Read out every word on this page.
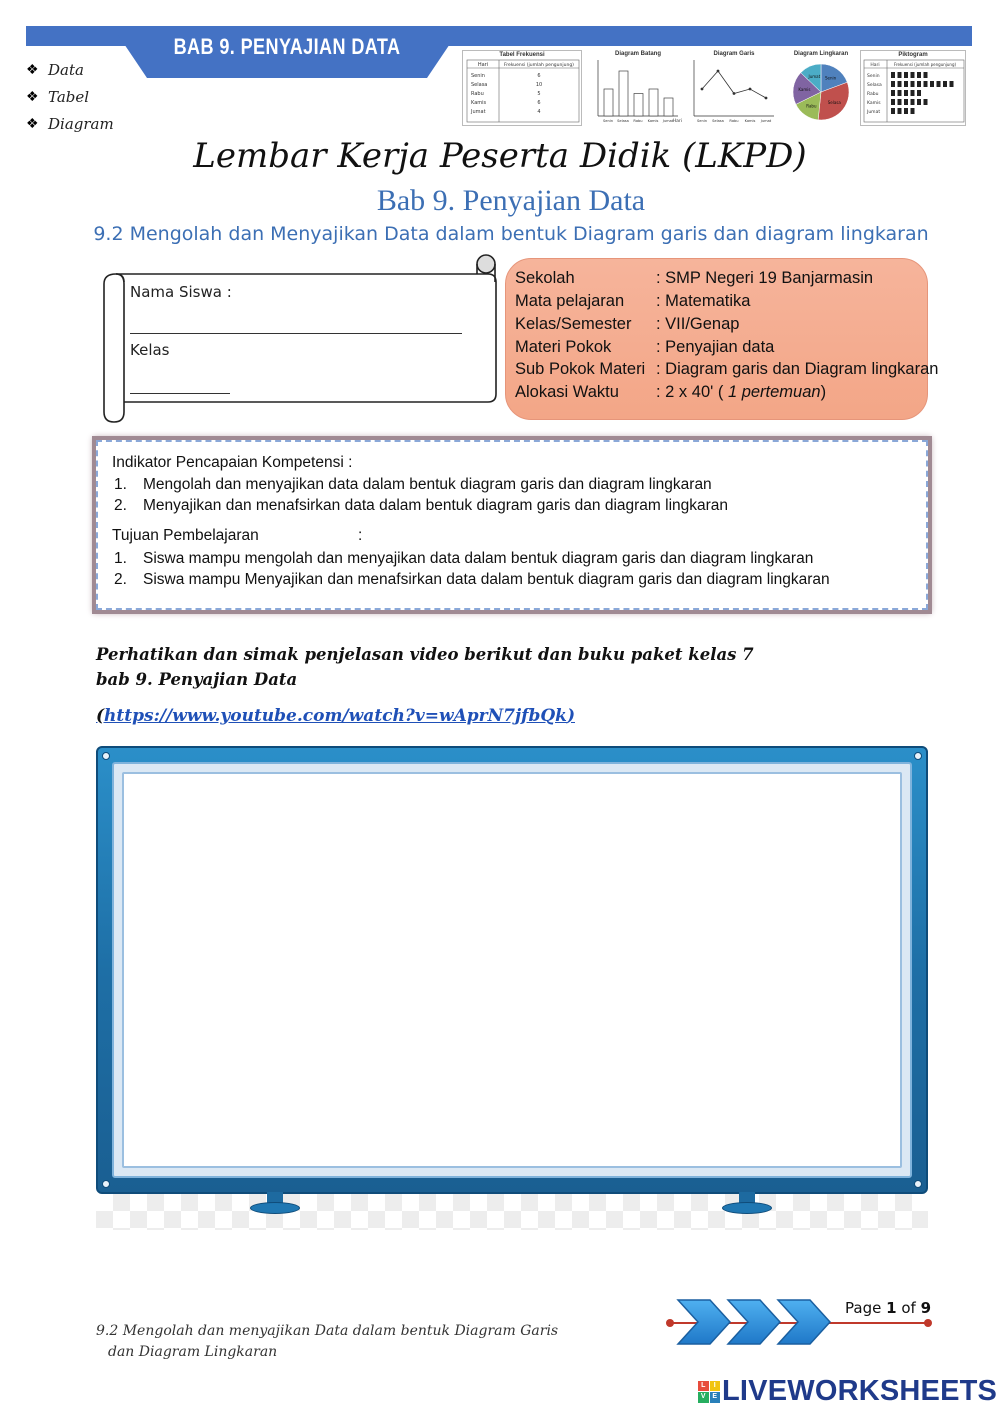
BAB 9. PENYAJIAN DATA
❖ Data
❖ Tabel
❖ Diagram
Tabel Frekuensi
Hari	Frekuensi (jumlah pengunjung)
Senin	6
Selasa	10
Rabu	5
Kamis	6
Jumat	4
Diagram Batang
Hari
Senin Selasa Rabu Kamis Jumat
Diagram Garis
Senin Selasa Rabu Kamis Jumat
Diagram Lingkaran
Senin
Selasa
Rabu
Kamis
Jumat
Piktogram
Hari	Frekuensi (jumlah pengunjung)
Senin
Selasa
Rabu
Kamis
Jumat
Lembar Kerja Peserta Didik (LKPD)
Bab 9. Penyajian Data
9.2 Mengolah dan Menyajikan Data dalam bentuk Diagram garis dan diagram lingkaran
Nama Siswa :
Kelas
Sekolah	: SMP Negeri 19 Banjarmasin
Mata pelajaran	: Matematika
Kelas/Semester	: VII/Genap
Materi Pokok	: Penyajian data
Sub Pokok Materi : Diagram garis dan Diagram lingkaran
Alokasi Waktu	: 2 x 40' ( 1 pertemuan)
Indikator Pencapaian Kompetensi :
1. Mengolah dan menyajikan data dalam bentuk diagram garis dan diagram lingkaran
2. Menyajikan dan menafsirkan data dalam bentuk diagram garis dan diagram lingkaran
Tujuan Pembelajaran	:
1. Siswa mampu mengolah dan menyajikan data dalam bentuk diagram garis dan diagram lingkaran
2. Siswa mampu Menyajikan dan menafsirkan data dalam bentuk diagram garis dan diagram lingkaran
Perhatikan dan simak penjelasan video berikut dan buku paket kelas 7
bab 9. Penyajian Data
(https://www.youtube.com/watch?v=wAprN7jfbQk)
9.2 Mengolah dan menyajikan Data dalam bentuk Diagram Garis
dan Diagram Lingkaran
Page 1 of 9
L	I
V E LIVEWORKSHEETS
